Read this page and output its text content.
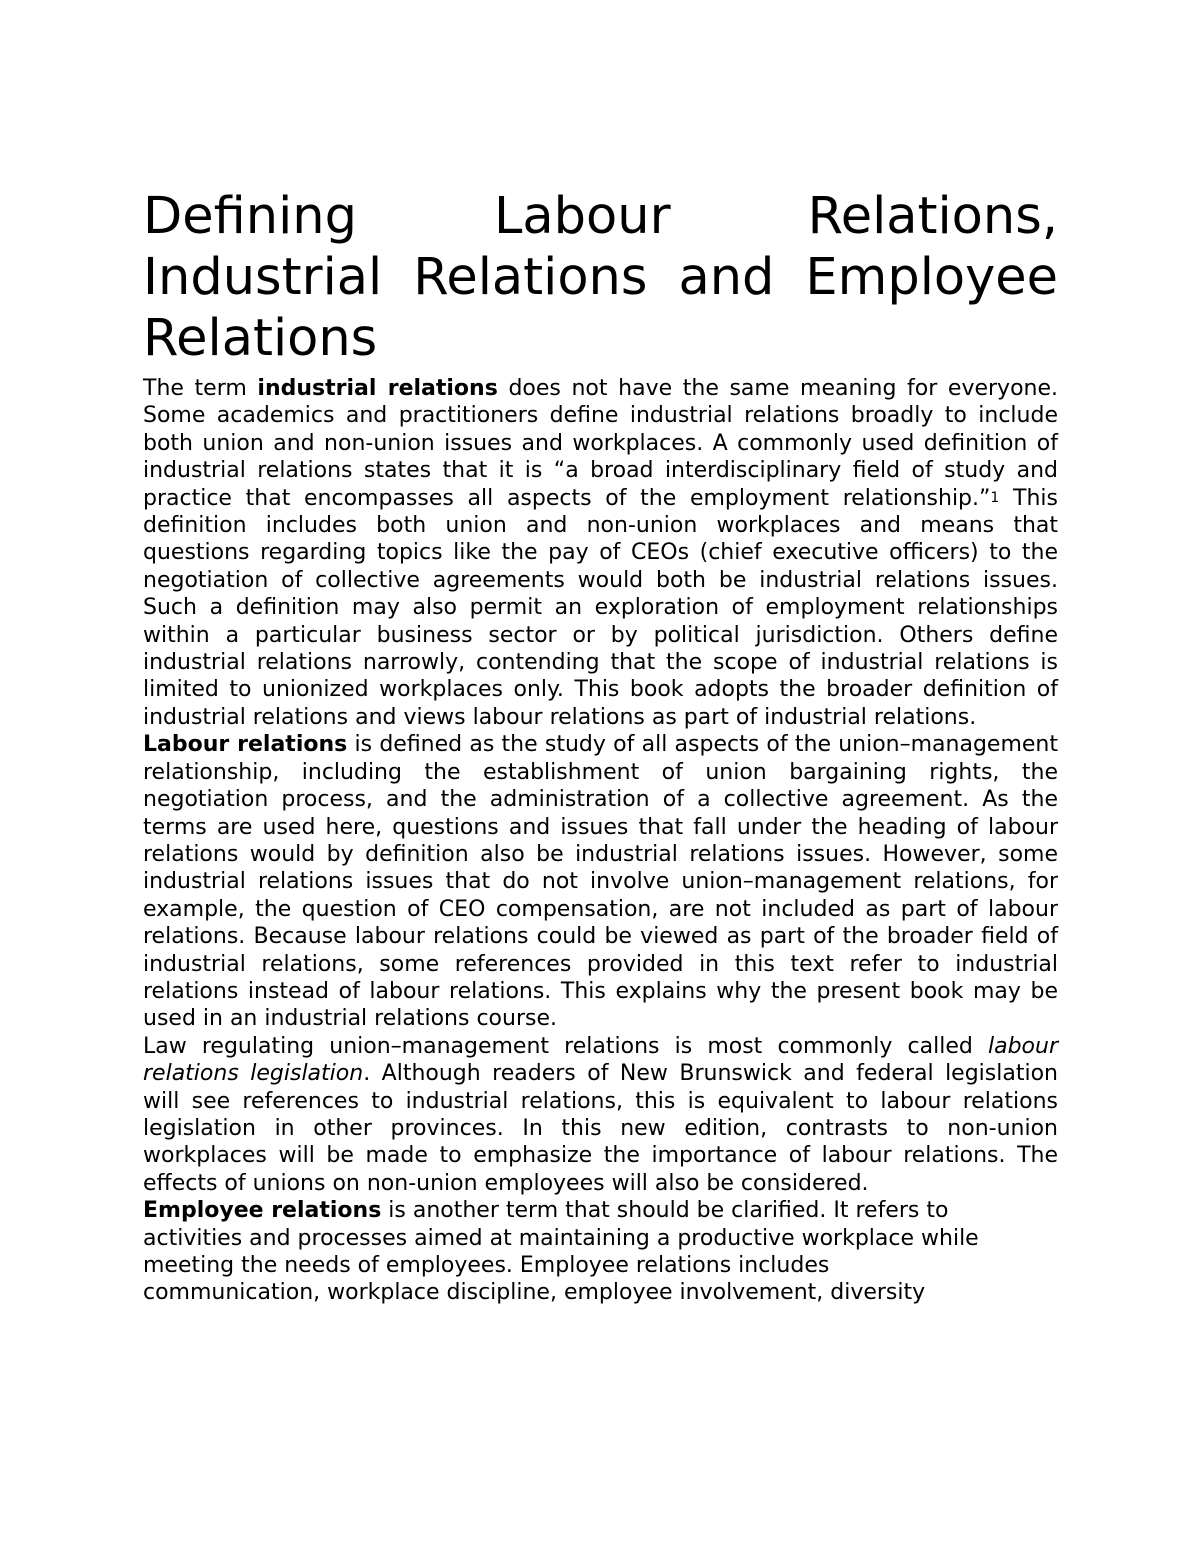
Defining Labour Relations, Industrial Relations and Employee Relations

The term industrial relations does not have the same meaning for everyone. Some academics and practitioners define industrial relations broadly to include both union and non-union issues and workplaces. A commonly used definition of industrial relations states that it is “a broad interdisciplinary field of study and practice that encompasses all aspects of the employment relationship.”$^1$ This definition includes both union and non-union workplaces and means that questions regarding topics like the pay of CEOs (chief executive officers) to the negotiation of collective agreements would both be industrial relations issues. Such a definition may also permit an exploration of employment relationships within a particular business sector or by political jurisdiction. Others define industrial relations narrowly, contending that the scope of industrial relations is limited to unionized workplaces only. This book adopts the broader definition of industrial relations and views labour relations as part of industrial relations.

Labour relations is defined as the study of all aspects of the union–management relationship, including the establishment of union bargaining rights, the negotiation process, and the administration of a collective agreement. As the terms are used here, questions and issues that fall under the heading of labour relations would by definition also be industrial relations issues. However, some industrial relations issues that do not involve union–management relations, for example, the question of CEO compensation, are not included as part of labour relations. Because labour relations could be viewed as part of the broader field of industrial relations, some references provided in this text refer to industrial relations instead of labour relations. This explains why the present book may be used in an industrial relations course.

Law regulating union–management relations is most commonly called labour relations legislation. Although readers of New Brunswick and federal legislation will see references to industrial relations, this is equivalent to labour relations legislation in other provinces. In this new edition, contrasts to non-union workplaces will be made to emphasize the importance of labour relations. The effects of unions on non-union employees will also be considered.

Employee relations is another term that should be clarified. It refers to
activities and processes aimed at maintaining a productive workplace while
meeting the needs of employees. Employee relations includes
communication, workplace discipline, employee involvement, diversity
